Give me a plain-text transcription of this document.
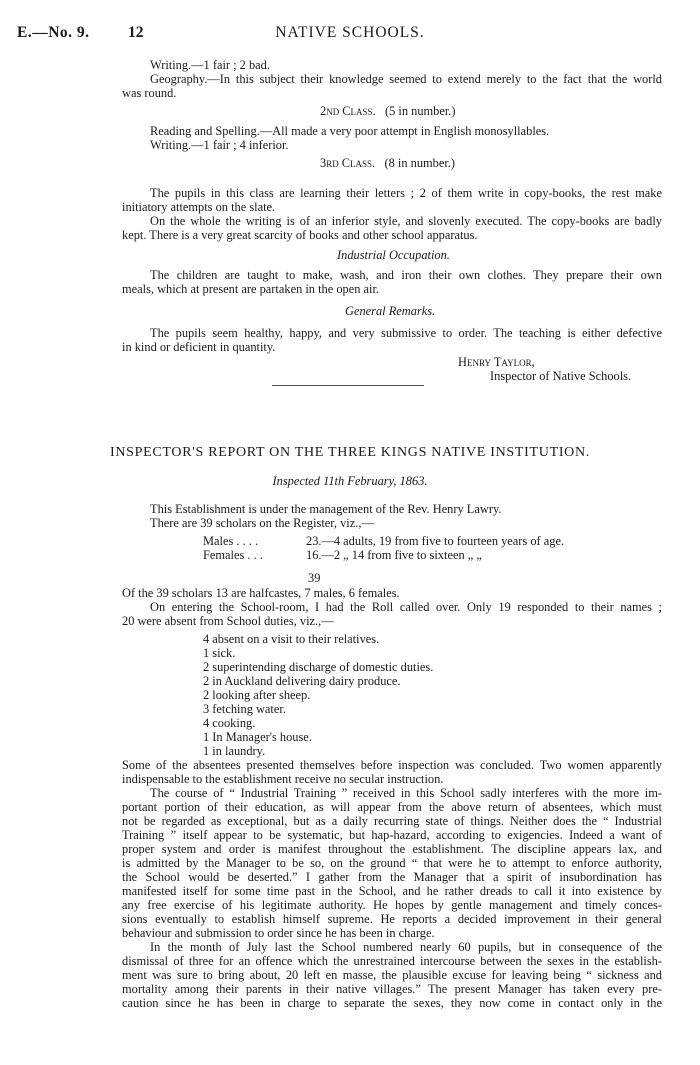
E.—No. 9. 12	NATIVE SCHOOLS.
Writing.—1 fair ; 2 bad.
Geography.—In this subject their knowledge seemed to extend merely to the fact that the world
was round.
2nd Class. (5 in number.)
Reading and Spelling.—All made a very poor attempt in English monosyllables.
Writing.—1 fair ; 4 inferior.
3rd Class. (8 in number.)
The pupils in this class are learning their letters ; 2 of them write in copy-books, the rest make
initiatory attempts on the slate.
On the whole the writing is of an inferior style, and slovenly executed. The copy-books are badly
kept. There is a very great scarcity of books and other school apparatus.
Industrial Occupation.
The children are taught to make, wash, and iron their own clothes. They prepare their own
meals, which at present are partaken in the open air.
General Remarks.
The pupils seem healthy, happy, and very submissive to order. The teaching is either defective
in kind or deficient in quantity.
Henry Taylor,
Inspector of Native Schools.
INSPECTOR'S REPORT ON THE THREE KINGS NATIVE INSTITUTION.
Inspected 11th February, 1863.
This Establishment is under the management of the Rev. Henry Lawry.
There are 39 scholars on the Register, viz.,—
Males . . . .	23.—4 adults, 19 from five to fourteen years of age.
Females . . .	16.—2 „ 14 from five to sixteen „ „
39
Of the 39 scholars 13 are halfcastes, 7 males, 6 females.
On entering the School-room, I had the Roll called over. Only 19 responded to their names ;
20 were absent from School duties, viz.,—
4 absent on a visit to their relatives.
1 sick.
2 superintending discharge of domestic duties.
2 in Auckland delivering dairy produce.
2 looking after sheep.
3 fetching water.
4 cooking.
1 In Manager's house.
1 in laundry.
Some of the absentees presented themselves before inspection was concluded. Two women apparently
indispensable to the establishment receive no secular instruction.
The course of “ Industrial Training ” received in this School sadly interferes with the more im-
portant portion of their education, as will appear from the above return of absentees, which must
not be regarded as exceptional, but as a daily recurring state of things. Neither does the “ Industrial
Training ” itself appear to be systematic, but hap-hazard, according to exigencies. Indeed a want of
proper system and order is manifest throughout the establishment. The discipline appears lax, and
is admitted by the Manager to be so, on the ground “ that were he to attempt to enforce authority,
the School would be deserted.” I gather from the Manager that a spirit of insubordination has
manifested itself for some time past in the School, and he rather dreads to call it into existence by
any free exercise of his legitimate authority. He hopes by gentle management and timely conces-
sions eventually to establish himself supreme. He reports a decided improvement in their general
behaviour and submission to order since he has been in charge.
In the month of July last the School numbered nearly 60 pupils, but in consequence of the
dismissal of three for an offence which the unrestrained intercourse between the sexes in the establish-
ment was sure to bring about, 20 left en masse, the plausible excuse for leaving being “ sickness and
mortality among their parents in their native villages.” The present Manager has taken every pre-
caution since he has been in charge to separate the sexes, they now come in contact only in the
